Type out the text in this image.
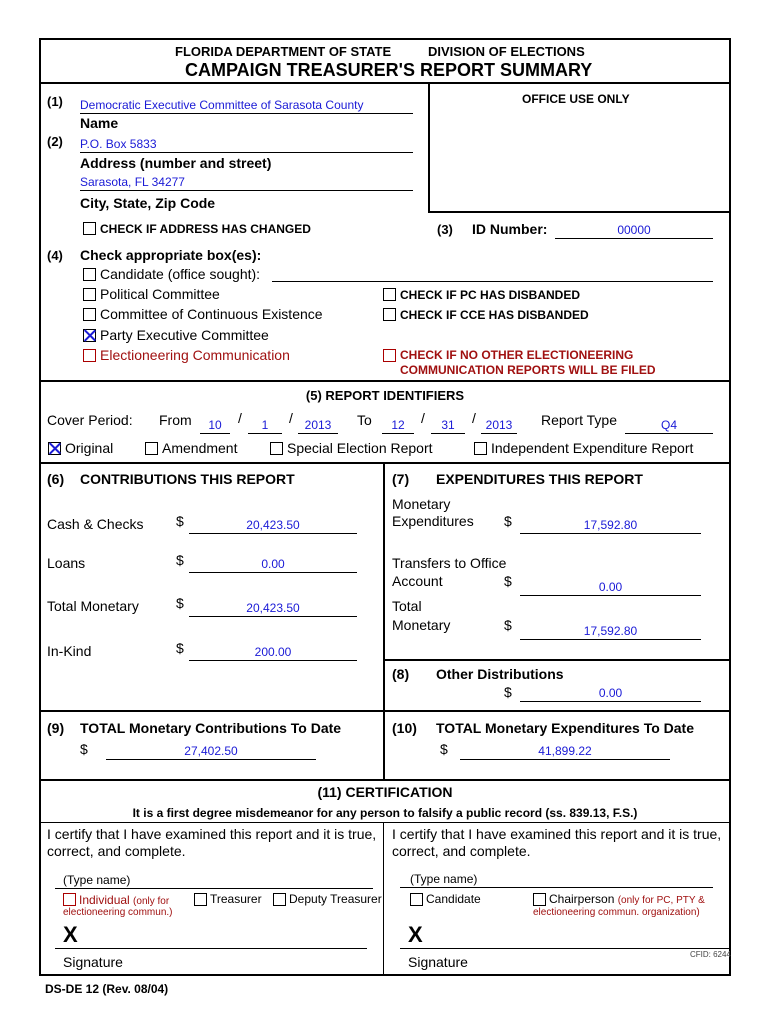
FLORIDA DEPARTMENT OF STATE	DIVISION OF ELECTIONS
CAMPAIGN TREASURER'S REPORT SUMMARY
OFFICE USE ONLY
(1) Democratic Executive Committee of Sarasota County
Name
(2) P.O. Box 5833
Address (number and street)
Sarasota, FL 34277
City, State, Zip Code
CHECK IF ADDRESS HAS CHANGED	(3) ID Number:	00000
(4) Check appropriate box(es):
Candidate (office sought):
Political Committee	CHECK IF PC HAS DISBANDED
Committee of Continuous Existence	CHECK IF CCE HAS DISBANDED
Party Executive Committee
Electioneering Communication	CHECK IF NO OTHER ELECTIONEERING
COMMUNICATION REPORTS WILL BE FILED
(5) REPORT IDENTIFIERS
Cover Period: From	10	/	1	/ 2013	To	12	/	31	/ 2013	Report Type	Q4
Original	Amendment	Special Election Report	Independent Expenditure Report
(6) CONTRIBUTIONS THIS REPORT
Cash & Checks $	20,423.50
Loans	$	0.00
Total Monetary	$	20,423.50
In-Kind	$	200.00
(7) EXPENDITURES THIS REPORT
Monetary
Expenditures $	17,592.80
Transfers to Office
Account	$	0.00
Total
Monetary	$	17,592.80
(8) Other Distributions
$	0.00
(9) TOTAL Monetary Contributions To Date
$	27,402.50
(10) TOTAL Monetary Expenditures To Date
$	41,899.22
(11) CERTIFICATION
It is a first degree misdemeanor for any person to falsify a public record (ss. 839.13, F.S.)
I certify that I have examined this report and it is true,
correct, and complete.
(Type name)
Individual (only for
electioneering commun.)
Treasurer Deputy Treasurer
X
Signature
I certify that I have examined this report and it is true,
correct, and complete.
(Type name)
Candidate	Chairperson (only for PC, PTY &
electioneering commun. organization)
X
Signature	CFID: 6244
DS-DE 12 (Rev. 08/04)
